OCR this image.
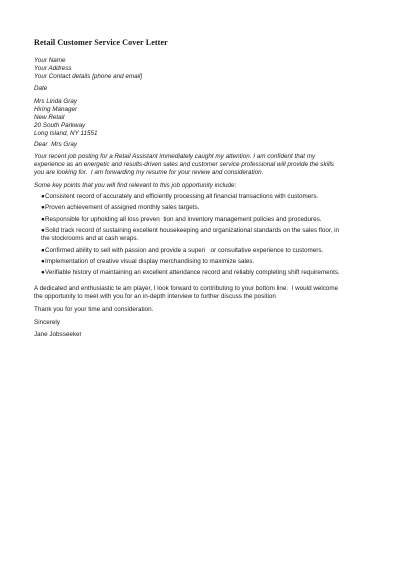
Retail Customer Service Cover Letter
Your Name
Your Address
Your Contact details [phone and email]
Date
Mrs Linda Gray
Hiring Manager
New Retail
20 South Parkway
Long Island, NY 11551
Dear  Mrs Gray
Your recent job posting for a Retail Assistant immediately caught my attention. I am confident that my
experience as an energetic and results-driven sales and customer service professional will provide the skills
you are looking for.  I am forwarding my resume for your review and consideration.
Some key points that you will find relevant to this job opportunity include:
●Consistent record of accurately and efficiently processing all financial transactions with customers.
●Proven achievement of assigned monthly sales targets.
●Responsible for upholding all loss preven  tion and inventory management policies and procedures.
●Solid track record of sustaining excellent housekeeping and organizational standards on the sales floor, in
the stockrooms and at cash wraps.
●Confirmed ability to sell with passion and provide a superi   or consultative experience to customers.
●Implementation of creative visual display merchandising to maximize sales.
●Verifiable history of maintaining an excellent attendance record and reliably completing shift requirements.
A dedicated and enthusiastic te am player, I look forward to contributing to your bottom line.  I would welcome
the opportunity to meet with you for an in-depth interview to further discuss the position
Thank you for your time and consideration.
Sincerely
Jane Jobsseeker
